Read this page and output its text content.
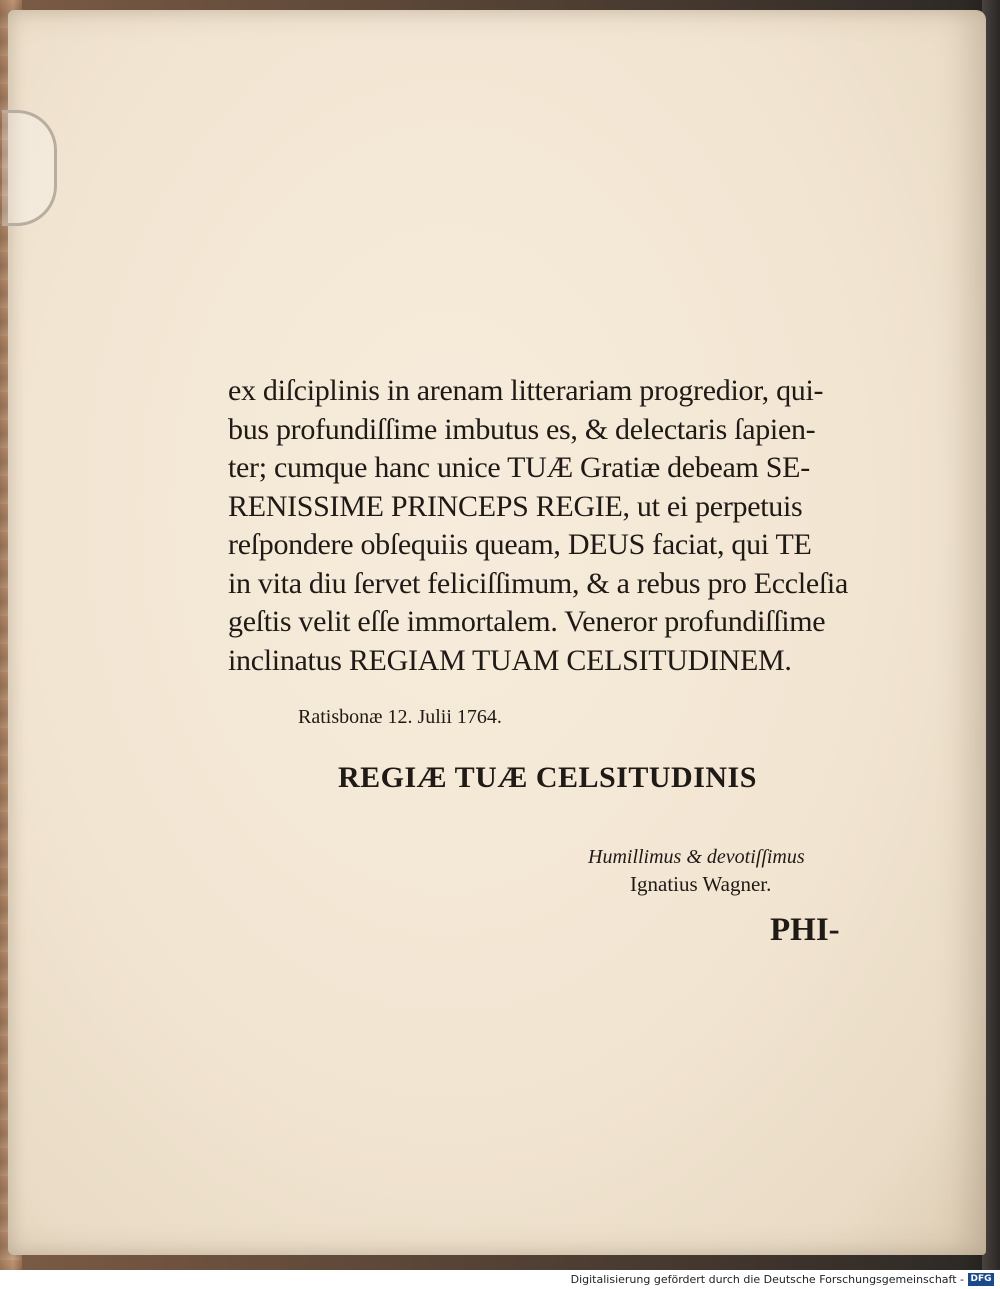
ex diſciplinis in arenam litterariam progredior, qui-
bus profundiſſime imbutus es, & delectaris ſapien-
ter; cumque hanc unice TUÆ Gratiæ debeam SE-
RENISSIME PRINCEPS REGIE, ut ei perpetuis
reſpondere obſequiis queam, DEUS faciat, qui TE
in vita diu ſervet feliciſſimum, & a rebus pro Eccleſia
geſtis velit eſſe immortalem. Veneror profundiſſime
inclinatus REGIAM TUAM CELSITUDINEM.
Ratisbonæ 12. Julii 1764.
REGIÆ TUÆ CELSITUDINIS
Humillimus & devotiſſimus
Ignatius Wagner.
PHI-
Digitalisierung gefördert durch die Deutsche Forschungsgemeinschaft - DFG
